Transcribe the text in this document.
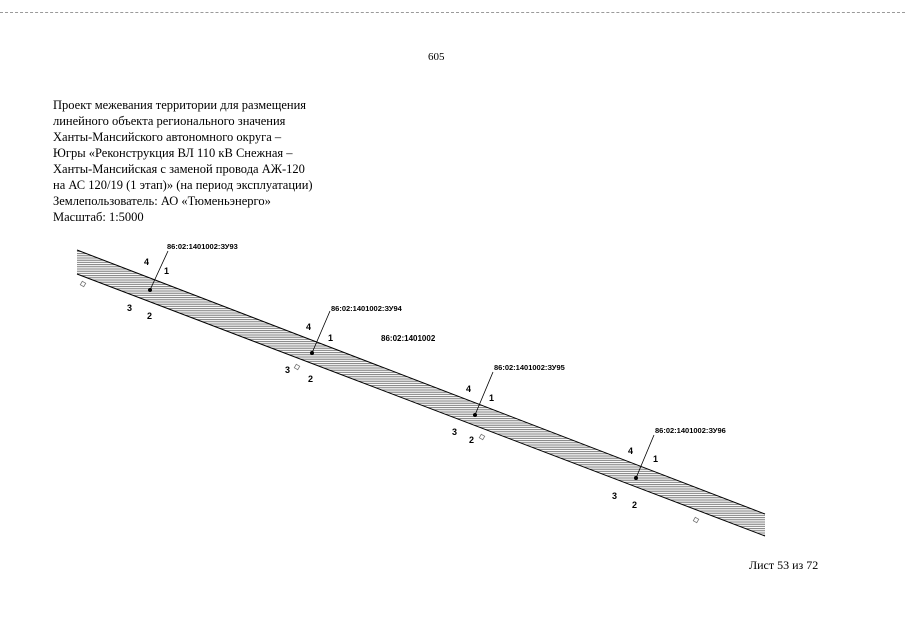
605
Проект межевания территории для размещения
линейного объекта регионального значения
Ханты-Мансийского автономного округа –
Югры «Реконструкция ВЛ 110 кВ Снежная –
Ханты-Мансийская с заменой провода АЖ-120
на АС 120/19 (1 этап)» (на период эксплуатации)
Землепользователь: АО «Тюменьэнерго»
Масштаб: 1:5000
86:02:1401002
86:02:1401002:ЗУ93
4
1
3
2
86:02:1401002:ЗУ94
4
1
3
2
86:02:1401002:ЗУ95
4
1
3
2
86:02:1401002:ЗУ96
4
1
3
2
Лист 53 из 72
